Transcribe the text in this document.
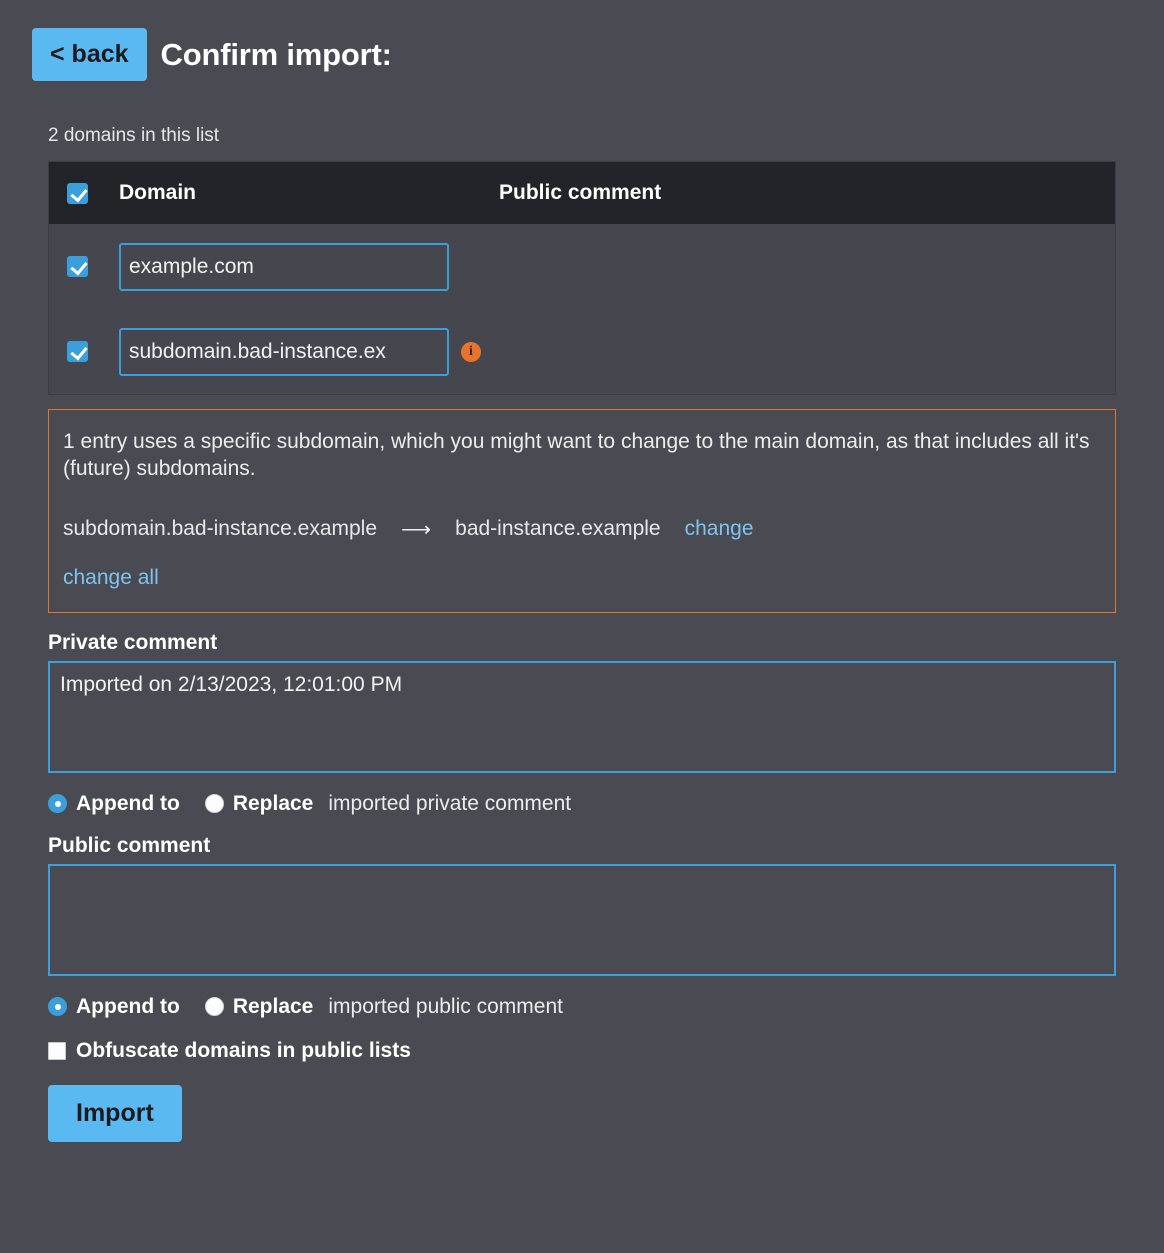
< back	Confirm import:
2 domains in this list
Domain	Public comment
example.com
subdomain.bad-instance.ex
i

1 entry uses a specific subdomain, which you might want to change to the main domain, as that includes all it's (future) subdomains.

subdomain.bad-instance.example ⟶ bad-instance.example change
change all
Private comment
Imported on 2/13/2023, 12:01:00 PM
Append to	Replace imported private comment
Public comment
Append to	Replace imported public comment
Obfuscate domains in public lists
Import
